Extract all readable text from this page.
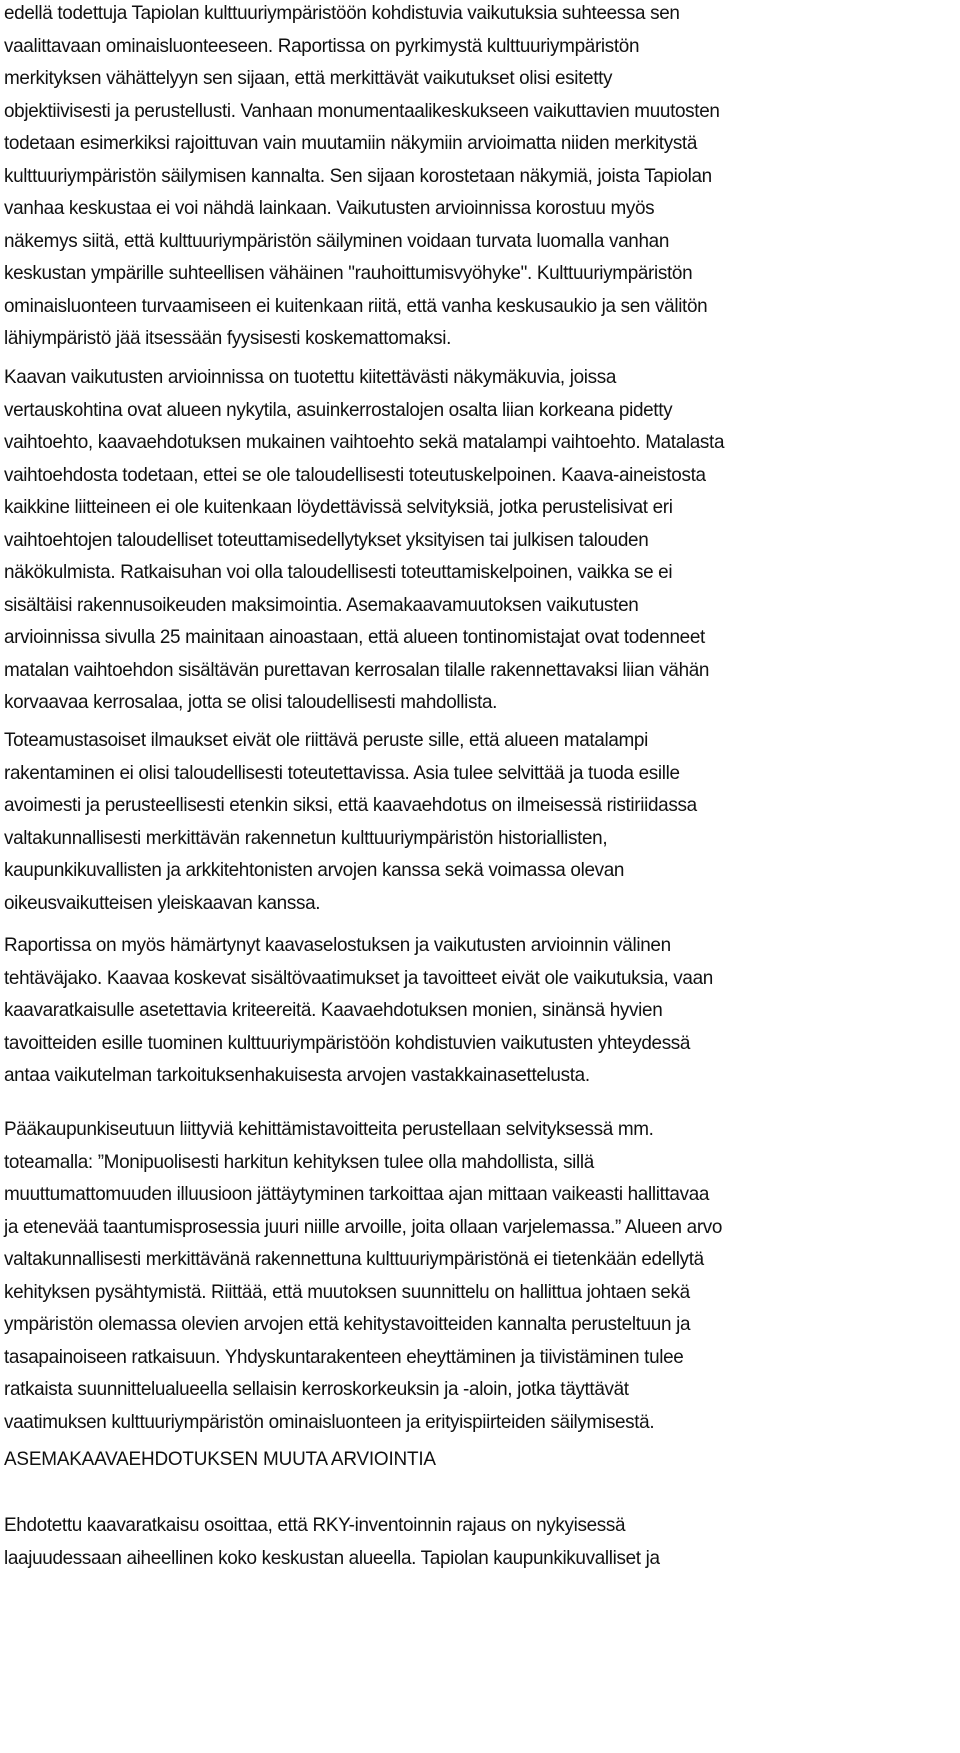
edellä todettuja Tapiolan kulttuuriympäristöön kohdistuvia vaikutuksia suhteessa sen
vaalittavaan ominaisluonteeseen. Raportissa on pyrkimystä kulttuuriympäristön
merkityksen vähättelyyn sen sijaan, että merkittävät vaikutukset olisi esitetty
objektiivisesti ja perustellusti. Vanhaan monumentaalikeskukseen vaikuttavien muutosten
todetaan esimerkiksi rajoittuvan vain muutamiin näkymiin arvioimatta niiden merkitystä
kulttuuriympäristön säilymisen kannalta. Sen sijaan korostetaan näkymiä, joista Tapiolan
vanhaa keskustaa ei voi nähdä lainkaan. Vaikutusten arvioinnissa korostuu myös
näkemys siitä, että kulttuuriympäristön säilyminen voidaan turvata luomalla vanhan
keskustan ympärille suhteellisen vähäinen "rauhoittumisvyöhyke". Kulttuuriympäristön
ominaisluonteen turvaamiseen ei kuitenkaan riitä, että vanha keskusaukio ja sen välitön
lähiympäristö jää itsessään fyysisesti koskemattomaksi.
Kaavan vaikutusten arvioinnissa on tuotettu kiitettävästi näkymäkuvia, joissa
vertauskohtina ovat alueen nykytila, asuinkerrostalojen osalta liian korkeana pidetty
vaihtoehto, kaavaehdotuksen mukainen vaihtoehto sekä matalampi vaihtoehto. Matalasta
vaihtoehdosta todetaan, ettei se ole taloudellisesti toteutuskelpoinen. Kaava-aineistosta
kaikkine liitteineen ei ole kuitenkaan löydettävissä selvityksiä, jotka perustelisivat eri
vaihtoehtojen taloudelliset toteuttamisedellytykset yksityisen tai julkisen talouden
näkökulmista. Ratkaisuhan voi olla taloudellisesti toteuttamiskelpoinen, vaikka se ei
sisältäisi rakennusoikeuden maksimointia. Asemakaavamuutoksen vaikutusten
arvioinnissa sivulla 25 mainitaan ainoastaan, että alueen tontinomistajat ovat todenneet
matalan vaihtoehdon sisältävän purettavan kerrosalan tilalle rakennettavaksi liian vähän
korvaavaa kerrosalaa, jotta se olisi taloudellisesti mahdollista.
Toteamustasoiset ilmaukset eivät ole riittävä peruste sille, että alueen matalampi
rakentaminen ei olisi taloudellisesti toteutettavissa. Asia tulee selvittää ja tuoda esille
avoimesti ja perusteellisesti etenkin siksi, että kaavaehdotus on ilmeisessä ristiriidassa
valtakunnallisesti merkittävän rakennetun kulttuuriympäristön historiallisten,
kaupunkikuvallisten ja arkkitehtonisten arvojen kanssa sekä voimassa olevan
oikeusvaikutteisen yleiskaavan kanssa.
Raportissa on myös hämärtynyt kaavaselostuksen ja vaikutusten arvioinnin välinen
tehtäväjako. Kaavaa koskevat sisältövaatimukset ja tavoitteet eivät ole vaikutuksia, vaan
kaavaratkaisulle asetettavia kriteereitä. Kaavaehdotuksen monien, sinänsä hyvien
tavoitteiden esille tuominen kulttuuriympäristöön kohdistuvien vaikutusten yhteydessä
antaa vaikutelman tarkoituksenhakuisesta arvojen vastakkainasettelusta.
Pääkaupunkiseutuun liittyviä kehittämistavoitteita perustellaan selvityksessä mm.
toteamalla: ”Monipuolisesti harkitun kehityksen tulee olla mahdollista, sillä
muuttumattomuuden illuusioon jättäytyminen tarkoittaa ajan mittaan vaikeasti hallittavaa
ja etenevää taantumisprosessia juuri niille arvoille, joita ollaan varjelemassa.” Alueen arvo
valtakunnallisesti merkittävänä rakennettuna kulttuuriympäristönä ei tietenkään edellytä
kehityksen pysähtymistä. Riittää, että muutoksen suunnittelu on hallittua johtaen sekä
ympäristön olemassa olevien arvojen että kehitystavoitteiden kannalta perusteltuun ja
tasapainoiseen ratkaisuun. Yhdyskuntarakenteen eheyttäminen ja tiivistäminen tulee
ratkaista suunnittelualueella sellaisin kerroskorkeuksin ja -aloin, jotka täyttävät
vaatimuksen kulttuuriympäristön ominaisluonteen ja erityispiirteiden säilymisestä.
ASEMAKAAVAEHDOTUKSEN MUUTA ARVIOINTIA
Ehdotettu kaavaratkaisu osoittaa, että RKY-inventoinnin rajaus on nykyisessä
laajuudessaan aiheellinen koko keskustan alueella. Tapiolan kaupunkikuvalliset ja
